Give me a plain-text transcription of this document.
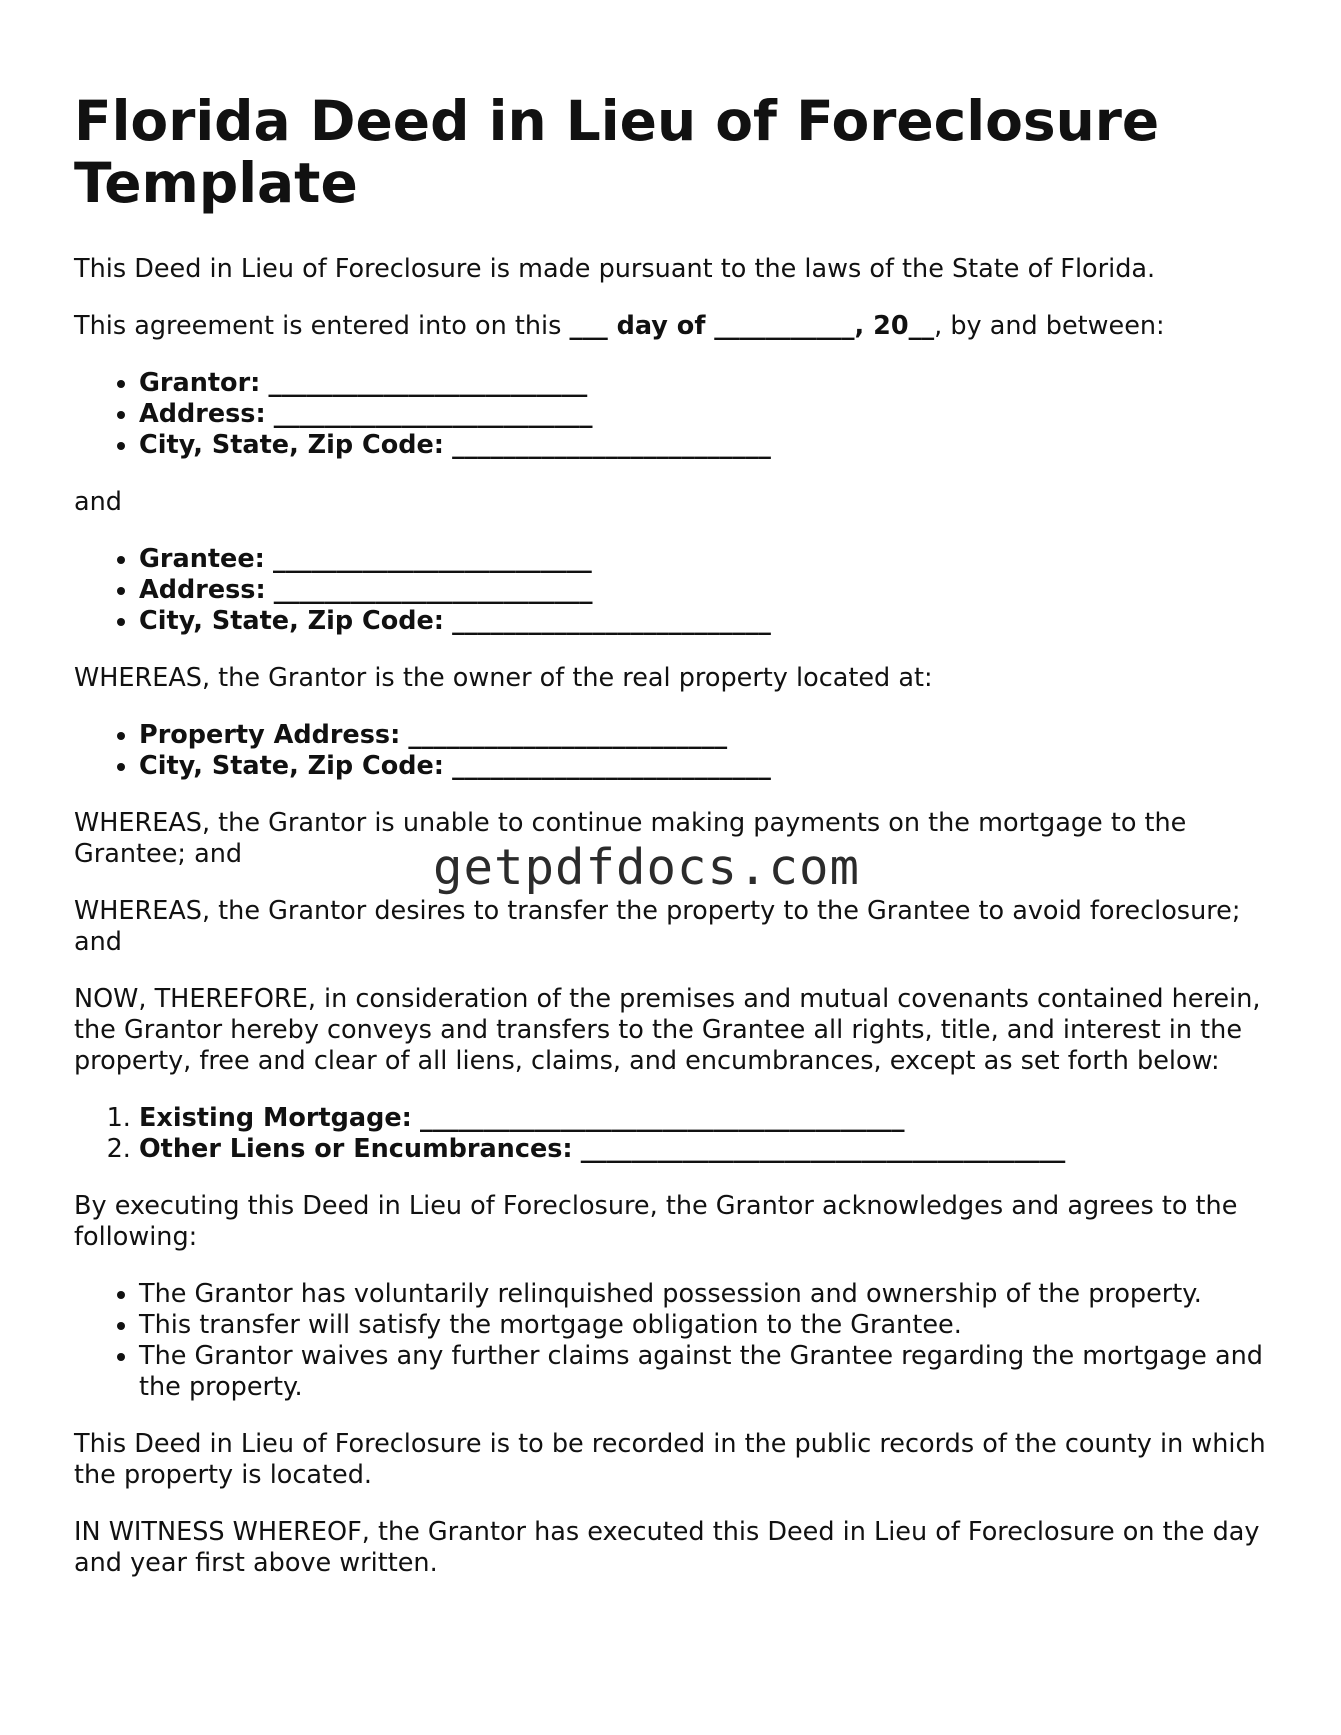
Florida Deed in Lieu of Foreclosure Template

This Deed in Lieu of Foreclosure is made pursuant to the laws of the State of Florida.

This agreement is entered into on this ___ day of ___________, 20__, by and between:

• Grantor: _________________________
• Address: _________________________
• City, State, Zip Code: _________________________

and

• Grantee: _________________________
• Address: _________________________
• City, State, Zip Code: _________________________

WHEREAS, the Grantor is the owner of the real property located at:

• Property Address: _________________________
• City, State, Zip Code: _________________________

WHEREAS, the Grantor is unable to continue making payments on the mortgage to the Grantee; and

WHEREAS, the Grantor desires to transfer the property to the Grantee to avoid foreclosure; and

NOW, THEREFORE, in consideration of the premises and mutual covenants contained herein, the Grantor hereby conveys and transfers to the Grantee all rights, title, and interest in the property, free and clear of all liens, claims, and encumbrances, except as set forth below:

1. Existing Mortgage: ______________________________________
2. Other Liens or Encumbrances: ______________________________________

By executing this Deed in Lieu of Foreclosure, the Grantor acknowledges and agrees to the following:

• The Grantor has voluntarily relinquished possession and ownership of the property.
• This transfer will satisfy the mortgage obligation to the Grantee.
• The Grantor waives any further claims against the Grantee regarding the mortgage and the property.

This Deed in Lieu of Foreclosure is to be recorded in the public records of the county in which the property is located.

IN WITNESS WHEREOF, the Grantor has executed this Deed in Lieu of Foreclosure on the day and year first above written.

getpdfdocs.com
